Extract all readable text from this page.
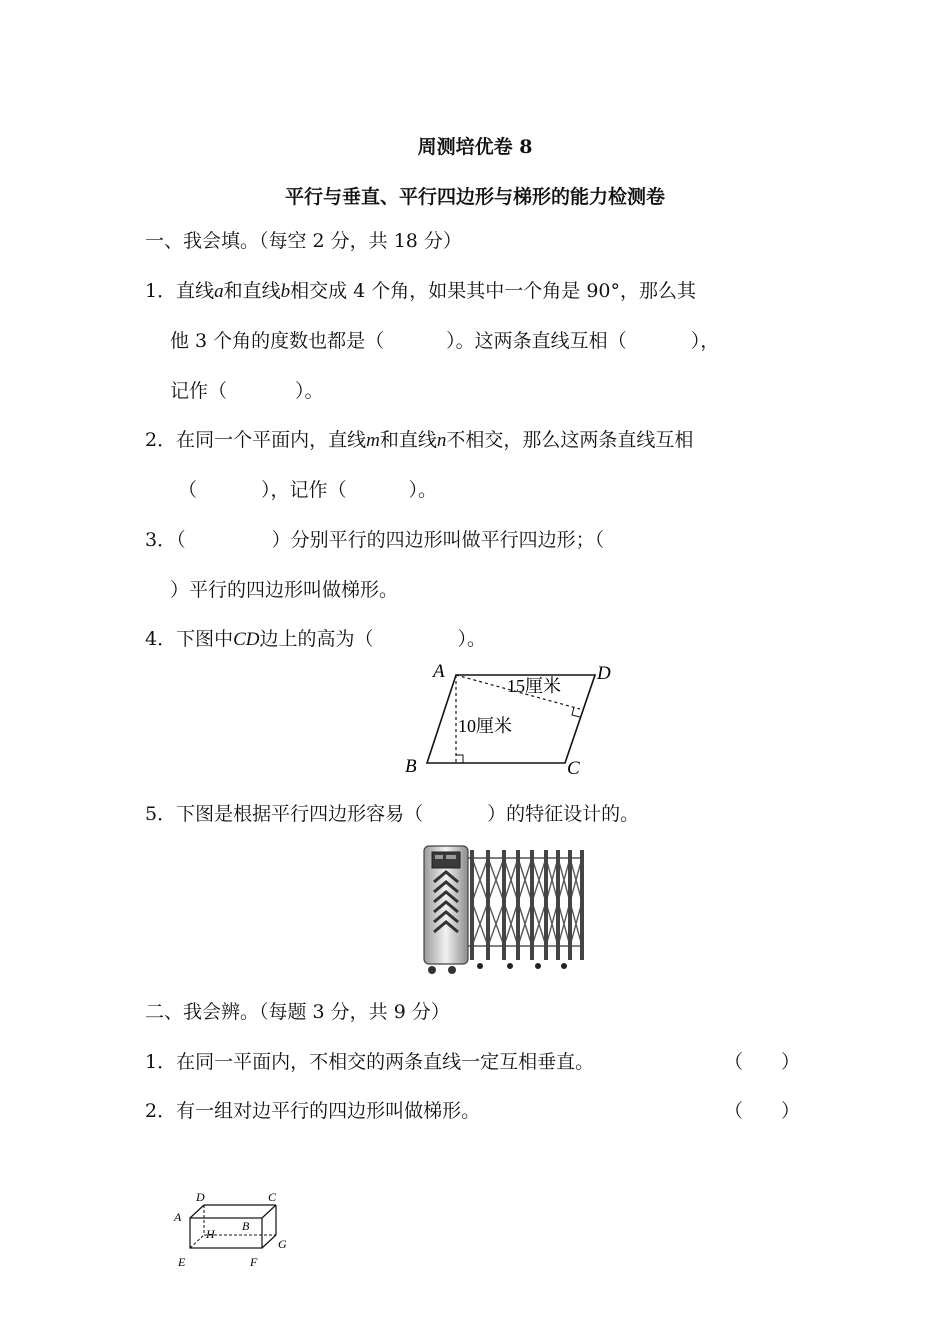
周测培优卷 8
平行与垂直、平行四边形与梯形的能力检测卷
一、我会填。（每空 2 分，共 18 分）
1．直线a和直线b相交成 4 个角，如果其中一个角是 90°，那么其
他 3 个角的度数也都是（	）。这两条直线互相（	），
记作（	）。
2．在同一个平面内，直线m和直线n不相交，那么这两条直线互相
（	），记作（	）。
3．（	）分别平行的四边形叫做平行四边形；（
）平行的四边形叫做梯形。
4．下图中CD边上的高为（	）。
A	D
B	C
15厘米
10厘米
5．下图是根据平行四边形容易（	）的特征设计的。
二、我会辨。（每题 3 分，共 9 分）
1．在同一平面内，不相交的两条直线一定互相垂直。	（　　）
2．有一组对边平行的四边形叫做梯形。	（　　）
D	C
A
B
H
G
E	F
